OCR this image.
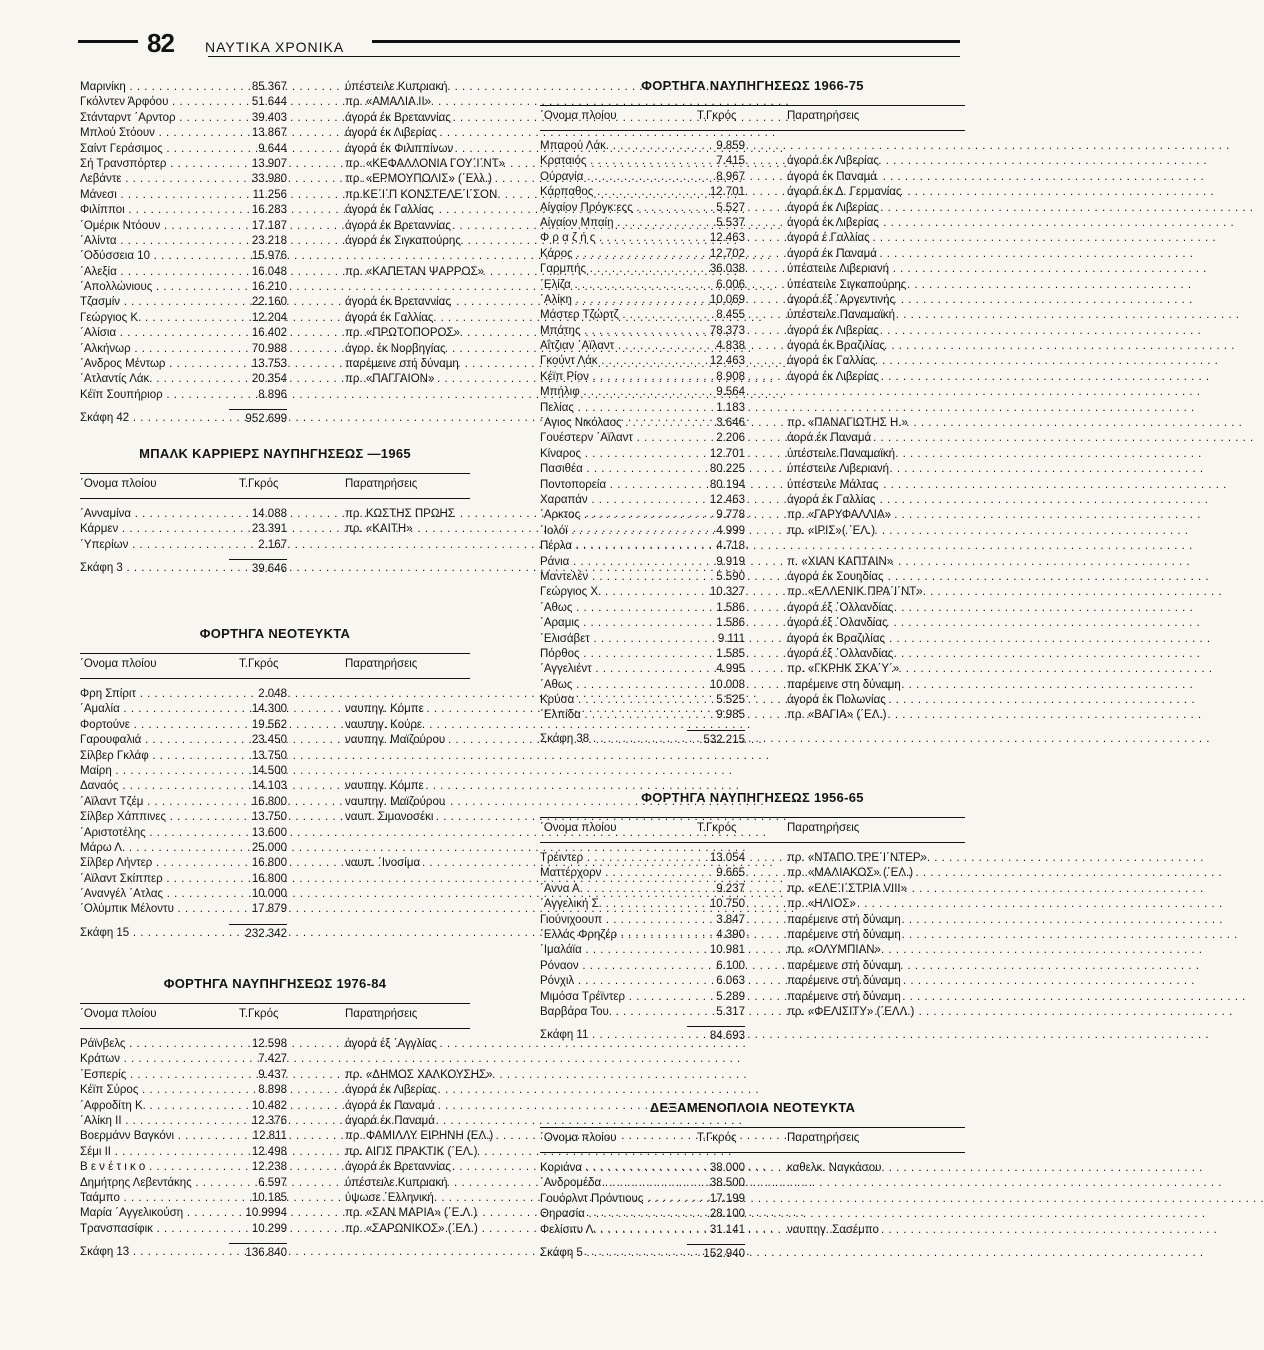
82 ΝΑΥΤΙΚΑ ΧΡΟΝΙΚΑ
Μαρινίκη . . .	85.367	ύπέστειλε Κυπριακή
Γκόλντεν Άρφόου . . .	51.644	πρ. «ΑΜΑΛΙΑ ΙΙ»
Στάνταρντ ΄Αρντορ . . .	39.403	άγορά έκ Βρεταννίας
Μπλού Στόουν . . .	13.867	άγορά έκ Λιβερίας
Σαίντ Γεράσιμος . . .	9.644	άγορά έκ Φιλιππίνων
Σή Τρανσπόρτερ . . .	13.907	πρ. «ΚΕΦΑΛΛΟΝΙΑ ΓΟΥ΄Ι΄ΝΤ»
Λεβάντε . . .	33.980	πρ. «ΕΡΜΟΥΠΟΛΙΣ» (΄Ελλ.)
Μάνεσι . . .	11.256	πρ.ΚΕ΄Ι΄Π ΚΟΝΣΤΕΛΕ΄Ι΄ΣΟΝ
Φιλίπποι . . .	16.283	άγορά έκ Γαλλίας
΄Ομέρικ Ντόουν . . .	17.187	άγορά έκ Βρεταννίας
΄Αλίντα . . .	23.218	άγορά έκ Σιγκαπούρης
΄Οδύσσεια 10 . . .	15.976
΄Αλεξία . . .	16.048	πρ. «ΚΑΠΕΤΑΝ ΨΑΡΡΟΣ»
΄Απολλώνιους . . .	16.210
Τζασμίν . . .	22.160	άγορά έκ Βρεταννίας
Γεώργιος Κ. . . .	12.204	άγορά έκ Γαλλίας
΄Αλίσια . . .	16.402	πρ. «ΠΡΩΤΟΠΟΡΟΣ»
΄Αλκήνωρ . . .	70.988	άγορ. έκ Νορβηγίας
΄Ανδρος Μέντωρ . . .	13.753	παρέμεινε στή δύναμη
΄Ατλαντίς Λάκ. . . .	20.354	πρ. «ΠΑΓΓΑΙΟΝ»
Κέϊπ Σουπήριορ . . .	8.896
Σκάφη 42 . . .	952.699
ΜΠΑΛΚ ΚΑΡΡΙΕΡΣ ΝΑΥΠΗΓΗΣΕΩΣ —1965
΄Ονομα πλοίου	Τ.Γκρός	Παρατηρήσεις
΄Ανναμίνα . . .	14.088	πρ. ΚΩΣΤΗΣ ΠΡΩΗΣ
Κάρμεν . . .	23.391	πρ. «ΚΑΙΤΗ»
΄Υπερίων . . .	2.167
Σκάφη 3 . . .	39.646
ΦΟΡΤΗΓΑ ΝΕΟΤΕΥΚΤΑ
΄Ονομα πλοίου	Τ.Γκρός	Παρατηρήσεις
Φρη Σπίριτ . . .	2.048
΄Αμαλία . . .	14.300	ναυπηγ. Κόμπε
Φορτούνε . . .	19.562	ναυπηγ. Κούρε
Γαρουφαλιά . . .	23.450	ναυπηγ. Μαϊζούρου
Σίλβερ Γκλάφ . . .	13.750
Μαίρη . . .	14.500
Δαναός . . .	14.103	ναυπηγ. Κόμπε
΄Αϊλαντ Τζέμ . . .	16.800	ναυπηγ. Μαϊζούρου
Σίλβερ Χάππινες . . .	13.750	ναυπ. Σιμονοσέκι
΄Αριστοτέλης . . .	13.600
Μάρω Λ. . . .	25.000
Σίλβερ Λήντερ . . .	16.800	ναυπ. ΄Ινοσίμα
΄Αϊλαντ Σκίππερ . . .	16.800
΄Ανανγέλ ΄Ατλας . . .	10.000
΄Ολύμπικ Μέλοντυ . . .	17.879
Σκάφη 15 . . .	232.342
ΦΟΡΤΗΓΑ ΝΑΥΠΗΓΗΣΕΩΣ 1976-84
΄Ονομα πλοίου	Τ.Γκρός	Παρατηρήσεις
Ράϊνβελς . . .	12.598	άγορά έξ ΄Αγγλίας
Κράτων . . .	7.427
΄Εσπερίς . . .	9.437	πρ. «ΔΗΜΟΣ ΧΑΛΚΟΥΣΗΣ»
Κέϊπ Σύρος . . .	8.898	άγορά έκ Λιβερίας
΄Αφροδίτη Κ. . . .	10.482	άγορά έκ Παναμά
΄Αλίκη ΙΙ . . .	12.376	άγορά έκ Παναμά
Βοερμάνν Βαγκόνι . . .	12.811	πρ. ΦΑΜΙΛΛΥ ΕΙΡΗΝΗ (ΕΛ.)
Σέμι ΙΙ . . .	12.498	πρ. ΑΙΓΙΣ ΠΡΑΚΤΙΚ (΄ΕΛ.)
Β ε ν έ τ ι κ ο . . .	12.238	άγορά έκ Βρεταννίας
Δημήτρης Λεβεντάκης . . .	6.597	ύπέστειλε Κυπριακή
Ταάμπο . . .	10.185	ύψωσε ΄Ελληνική
Μαρία ΄Αγγελικούση . . .	10.9994	πρ. «ΣΑΝ ΜΑΡΙΑ» (΄Ε.Λ.)
Τρανσπασίφικ . . .	10.299	πρ. «ΣΑΡΩΝΙΚΟΣ» (΄ΕΛ.)
Σκάφη 13 . . .	136.840
ΦΟΡΤΗΓΑ ΝΑΥΠΗΓΗΣΕΩΣ 1966-75
΄Ονομα πλοίου	Τ.Γκρός	Παρατηρήσεις
Μπαρού Λάκ. . . .	9.859
Κραταιός . . .	7.415	άγορά έκ Λιβερίας
Ούρανία . . .	8.967	άγορά έκ Παναμά
Κάρπαθος . . .	12.701	άγορά έκ Δ. Γερμανίας
Αίγαίον Πρόγκ:εςς . . .	5.527	άγορά έκ Λιβερίας
Αίγαίον Μπαίη . . .	5.537	άγορά έκ Λιβερίας
Φ ρ α ζ ή ς . . .	12.463	άγορά έ Γαλλίας
Κάρος . . .	12.702	άγορά έκ Παναμά
Γαρμπής . . .	36.038	ύπέστειλε Λιβεριανή
΄Ελίζα . . .	6.006	ύπέστειλε Σιγκαπούρης
΄Αλίκη . . .	10.069	άγορά έξ ΄Αργεντινής
Μάστερ Τζώρτζ . . .	8.455	ύπέστειλε Παναμαϊκή
Μπάτης . . .	78.373	άγορά έκ Λιβερίας
Αΐτζιαν ΄Αϊλαντ . . .	4.838	άγορά έκ Βραζιλίας
Γκούντ Λάκ . . .	12.463	άγορά έκ Γαλλίας
Κέϊπ Ρίον . . .	8.908	άγορά έκ Λιβερίας
Μπήλιφ . . .	9.564
Πελίας . . .	1.183
΄Αγιος Νικόλαος . . .	3.646	πρ. «ΠΑΝΑΓΙΩΤΗΣ Η.»
Γουέστερν ΄Αϊλαντ . . .	2.206	άορά έκ Παναμά
Κίναρος . . .	12.701	ύπέστειλε Παναμαϊκή
Πασιθέα . . .	80.225	ύπέστειλε Λιβεριανή
Ποντοπορεία . . .	80.194	ύπέστειλε Μάλτας
Χαραπάν . . .	12.463	άγορά έκ Γαλλίας
΄Αρκτος . . .	9.778	πρ. «ΓΑΡΥΦΑΛΛΙΑ»
΄Ιολόϊ . . .	4.999	πρ. «ΙΡΙΣ»( ΄ΕΛ.)
Πέρλα . . .	4.718
Ράνια . . .	9.919	π. «ΧΙΑΝ ΚΑΠΤΑΙΝ»
Μαντελέν . . .	5.590	άγορά έκ Σουηδίας
Γεώργιος Χ. . . .	10.327	πρ. «ΕΛΛΕΝΙΚ ΠΡΑ΄Ι΄ΝΤ»
΄Αθως . . .	1.586	άγορά έξ ΄Ολλανδίας
΄Αραμις . . .	1.586	άγορά έξ ΄Ολανδίας
΄Ελισάβετ . . .	9.111	άγορά έκ Βραζιλίας
Πόρθος . . .	1.585	άγορά έξ ΄Ολλανδίας
΄Αγγελιέντ . . .	4.995	πρ. «ΓΚΡΗΚ ΣΚΑ΄Υ΄»
΄Αθως . . .	10.008	παρέμεινε στη δύναμη
Κρύσα . . .	5.525	άγορά έκ Πολωνίας
΄Ελπίδα . . .	9.985	πρ. «ΒΑΓΙΑ» (΄ΕΛ.)
Σκάφη 38 . . .	532.215
ΦΟΡΤΗΓΑ ΝΑΥΠΗΓΗΣΕΩΣ 1956-65
΄Ονομα πλοίου	Τ.Γκρός	Παρατηρήσεις
Τρέιντερ . . .	13.054	πρ. «ΝΤΑΠΟ ΤΡΕ΄Ι΄ΝΤΕΡ»
Ματτέρχορν . . .	9.665	πρ. «ΜΑΛΙΑΚΟΣ» (΄ΕΛ.)
΄Αννα Α. . . .	9.237	πρ. «ΕΛΕ΄Ι΄ΣΤΡΙΑ VIII»
΄Αγγελική Σ. . . .	10.750	πρ. «ΗΛΙΟΣ»
Γιούνιχοουπ . . .	3.847	παρέμεινε στή δύναμη
΄Ελλάς Φρηζέρ . . .	4.390	παρέμεινε στή δύναμη
΄Ιμαλάϊα . . .	10.981	πρ. «ΟΛΥΜΠΙΑΝ»
Ρόναον . . .	6.100	παρέμεινε στή δύναμη
Ρόνχιλ . . .	6.063	παρέμεινε στή δύναμη
Μιμόσα Τρέϊντερ . . .	5.289	παρέμεινε στή δύναμη
Βαρβάρα Του. . . .	5.317	πρ. «ΦΕΛΙΣΙΤΥ» (΄ΕΛΛ.)
Σκάφη 11 . . .	84.693
ΔΕΞΑΜΕΝΟΠΛΟΙΑ ΝΕΟΤΕΥΚΤΑ
΄Ονομα πλοίου	Τ.Γκρός	Παρατηρήσεις
Κοριάνα . . .	38.000	καθελκ. Ναγκάσου
΄Ανδρομέδα . . .	38.500
Γουόρλντ Πρόντιους . . .	17.199
Θηρασία . . .	28.100
Φελίσιτυ Λ. . . .	31.141	ναυπηγ. Σασέμπο
Σκάφη 5 . . .	152.940
